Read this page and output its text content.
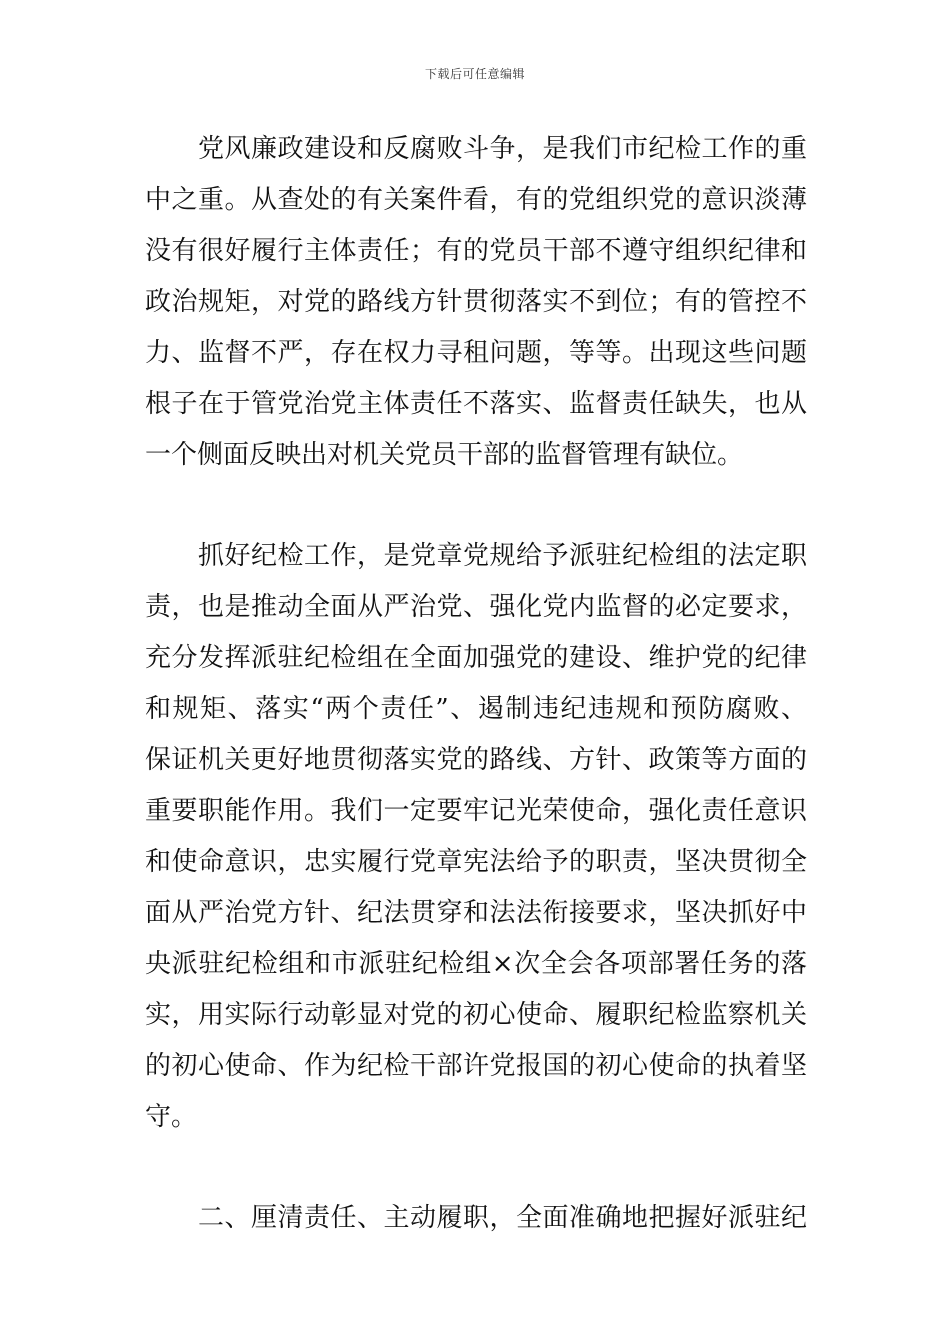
下载后可任意编辑
党风廉政建设和反腐败斗争，是我们市纪检工作的重
中之重。从查处的有关案件看，有的党组织党的意识淡薄
没有很好履行主体责任；有的党员干部不遵守组织纪律和
政治规矩，对党的路线方针贯彻落实不到位；有的管控不
力、监督不严，存在权力寻租问题，等等。出现这些问题
根子在于管党治党主体责任不落实、监督责任缺失，也从
一个侧面反映出对机关党员干部的监督管理有缺位。
抓好纪检工作，是党章党规给予派驻纪检组的法定职
责，也是推动全面从严治党、强化党内监督的必定要求，
充分发挥派驻纪检组在全面加强党的建设、维护党的纪律
和规矩、落实“两个责任”、遏制违纪违规和预防腐败、
保证机关更好地贯彻落实党的路线、方针、政策等方面的
重要职能作用。我们一定要牢记光荣使命，强化责任意识
和使命意识，忠实履行党章宪法给予的职责，坚决贯彻全
面从严治党方针、纪法贯穿和法法衔接要求，坚决抓好中
央派驻纪检组和市派驻纪检组×次全会各项部署任务的落
实，用实际行动彰显对党的初心使命、履职纪检监察机关
的初心使命、作为纪检干部许党报国的初心使命的执着坚
守。
二、厘清责任、主动履职，全面准确地把握好派驻纪
